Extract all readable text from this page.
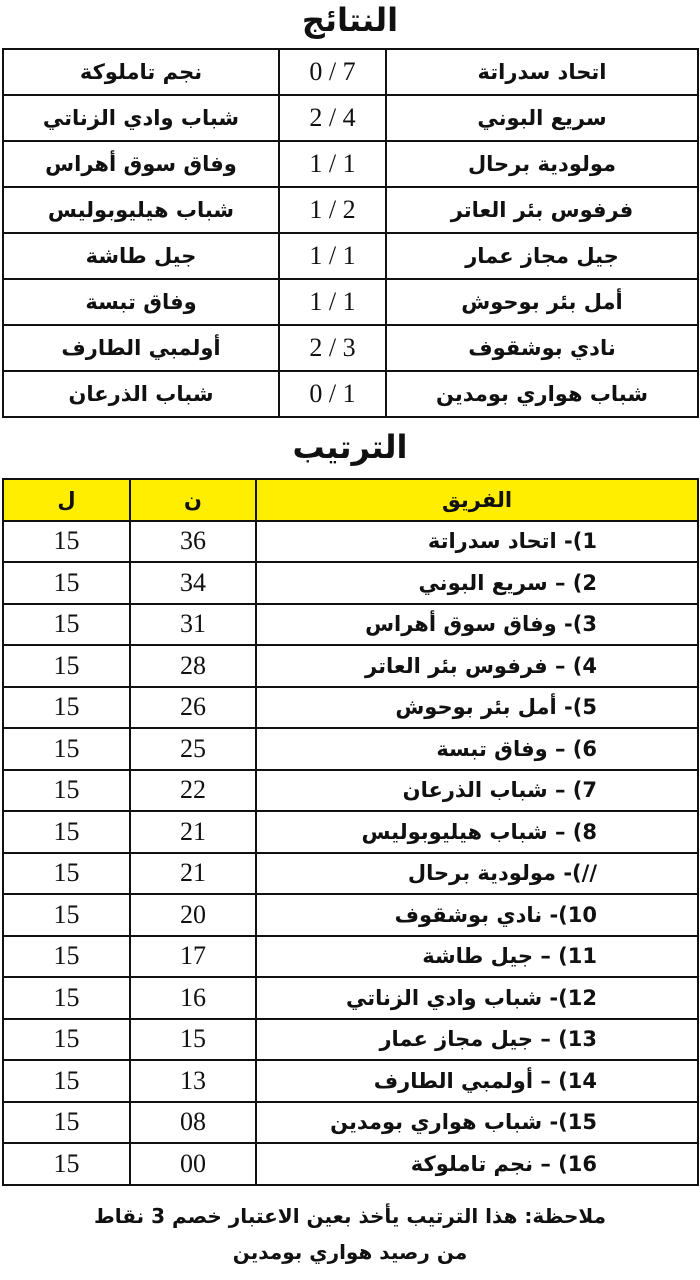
النتائج
نجم تاملوكة	7 / 0	اتحاد سدراتة
شباب وادي الزناتي	4 / 2	سريع البوني
وفاق سوق أهراس	1 / 1	مولودية برحال
شباب هيليوبوليس	2 / 1	فرفوس بئر العاتر
جيل طاشة	1 / 1	جيل مجاز عمار
وفاق تبسة	1 / 1	أمل بئر بوحوش
أولمبي الطارف	3 / 2	نادي بوشقوف
شباب الذرعان	1 / 0	شباب هواري بومدين
الترتيب
ل	ن	الفريق
15	36	1)- اتحاد سدراتة
15	34	2) – سريع البوني
15	31	3)- وفاق سوق أهراس
15	28	4) – فرفوس بئر العاتر
15	26	5)- أمل بئر بوحوش
15	25	6) – وفاق تبسة
15	22	7) – شباب الذرعان
15	21	8) – شباب هيليوبوليس
15	21	//)- مولودية برحال
15	20	10)- نادي بوشقوف
15	17	11) – جيل طاشة
15	16	12)- شباب وادي الزناتي
15	15	13) – جيل مجاز عمار
15	13	14) – أولمبي الطارف
15	08	15)- شباب هواري بومدين
15	00	16) – نجم تاملوكة
ملاحظة: هذا الترتيب يأخذ بعين الاعتبار خصم 3 نقاط
من رصيد هواري بومدين
